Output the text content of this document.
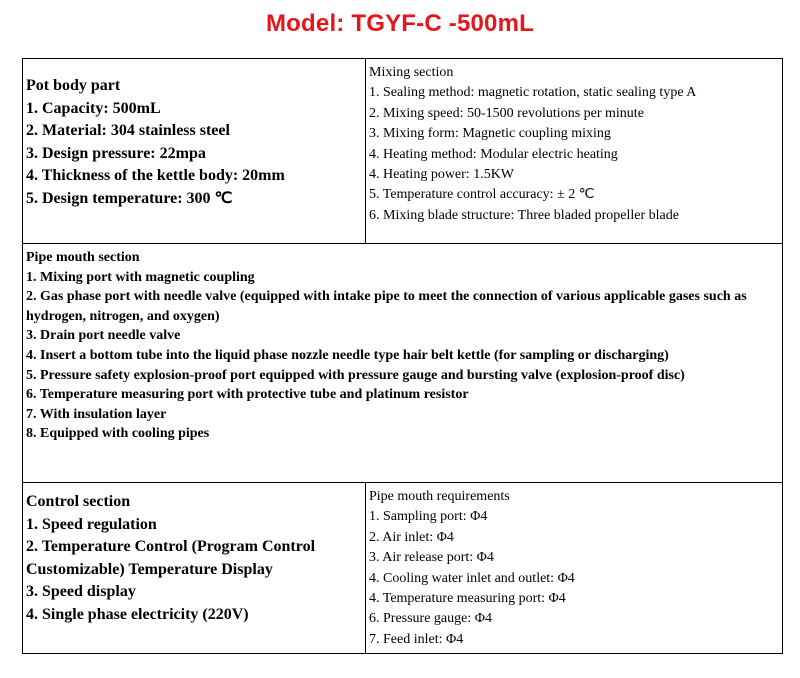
Model: TGYF-C -500mL
Pot body part
1. Capacity: 500mL
2. Material: 304 stainless steel
3. Design pressure: 22mpa
4. Thickness of the kettle body: 20mm
5. Design temperature: 300 ℃
Mixing section
1. Sealing method: magnetic rotation, static sealing type A
2. Mixing speed: 50-1500 revolutions per minute
3. Mixing form: Magnetic coupling mixing
4. Heating method: Modular electric heating
4. Heating power: 1.5KW
5. Temperature control accuracy: ± 2 ℃
6. Mixing blade structure: Three bladed propeller blade
Pipe mouth section
1. Mixing port with magnetic coupling
2. Gas phase port with needle valve (equipped with intake pipe to meet the connection of various applicable gases such as hydrogen, nitrogen, and oxygen)
3. Drain port needle valve
4. Insert a bottom tube into the liquid phase nozzle needle type hair belt kettle (for sampling or discharging)
5. Pressure safety explosion-proof port equipped with pressure gauge and bursting valve (explosion-proof disc)
6. Temperature measuring port with protective tube and platinum resistor
7. With insulation layer
8. Equipped with cooling pipes
Control section
1. Speed regulation
2. Temperature Control (Program Control Customizable) Temperature Display
3. Speed display
4. Single phase electricity (220V)
Pipe mouth requirements
1. Sampling port: Φ4
2. Air inlet: Φ4
3. Air release port: Φ4
4. Cooling water inlet and outlet: Φ4
4. Temperature measuring port: Φ4
6. Pressure gauge: Φ4
7. Feed inlet: Φ4
